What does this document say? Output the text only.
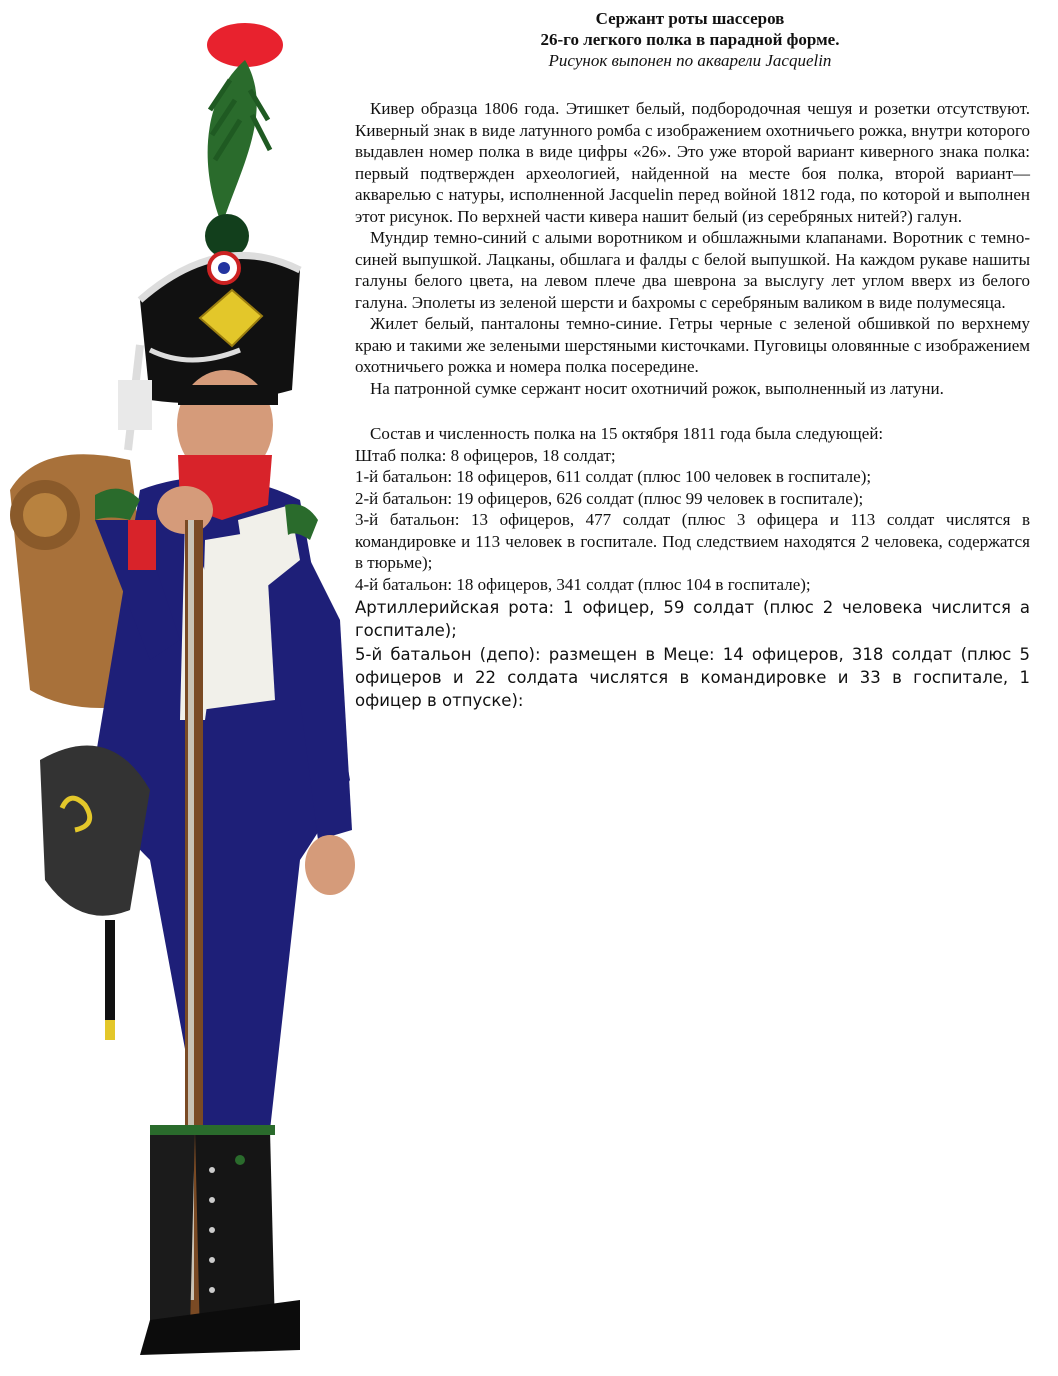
Сержант роты шассеров
26-го легкого полка в парадной форме.
Рисунок выпонен по акварели Jacquelin

Кивер образца 1806 года. Этишкет белый, подбородочная чешуя и розетки отсутствуют. Киверный знак в виде латунного ромба с изображением охотничьего рожка, внутри которого выдавлен номер полка в виде цифры «26». Это уже второй вариант киверного знака полка: первый подтвержден археологией, найденной на месте боя полка, второй вариант—акварелью с натуры, исполненной Jacquelin перед войной 1812 года, по которой и выполнен этот рисунок. По верхней части кивера нашит белый (из серебряных нитей?) галун.

Мундир темно-синий с алыми воротником и обшлажными клапанами. Воротник с темно-синей выпушкой. Лацканы, обшлага и фалды с белой выпушкой. На каждом рукаве нашиты галуны белого цвета, на левом плече два шеврона за выслугу лет углом вверх из белого галуна. Эполеты из зеленой шерсти и бахромы с серебряным валиком в виде полумесяца.

Жилет белый, панталоны темно-синие. Гетры черные с зеленой обшивкой по верхнему краю и такими же зелеными шерстяными кисточками. Пуговицы оловянные с изображением охотничьего рожка и номера полка посередине.

На патронной сумке сержант носит охотничий рожок, выполненный из латуни.

Состав и численность полка на 15 октября 1811 года была следующей:

Штаб полка: 8 офицеров, 18 солдат;

1-й батальон: 18 офицеров, 611 солдат (плюс 100 человек в госпитале);

2-й батальон: 19 офицеров, 626 солдат (плюс 99 человек в госпитале);

3-й батальон: 13 офицеров, 477 солдат (плюс 3 офицера и 113 солдат числятся в командировке и 113 человек в госпитале. Под следствием находятся 2 человека, содержатся в тюрьме);

4-й батальон: 18 офицеров, 341 солдат (плюс 104 в госпитале);

Артиллерийская рота: 1 офицер, 59 солдат (плюс 2 человека числится а госпитале);

5-й батальон (депо): размещен в Меце: 14 офицеров, 318 солдат (плюс 5 офицеров и 22 солдата числятся в командировке и 33 в госпитале, 1 офицер в отпуске):
